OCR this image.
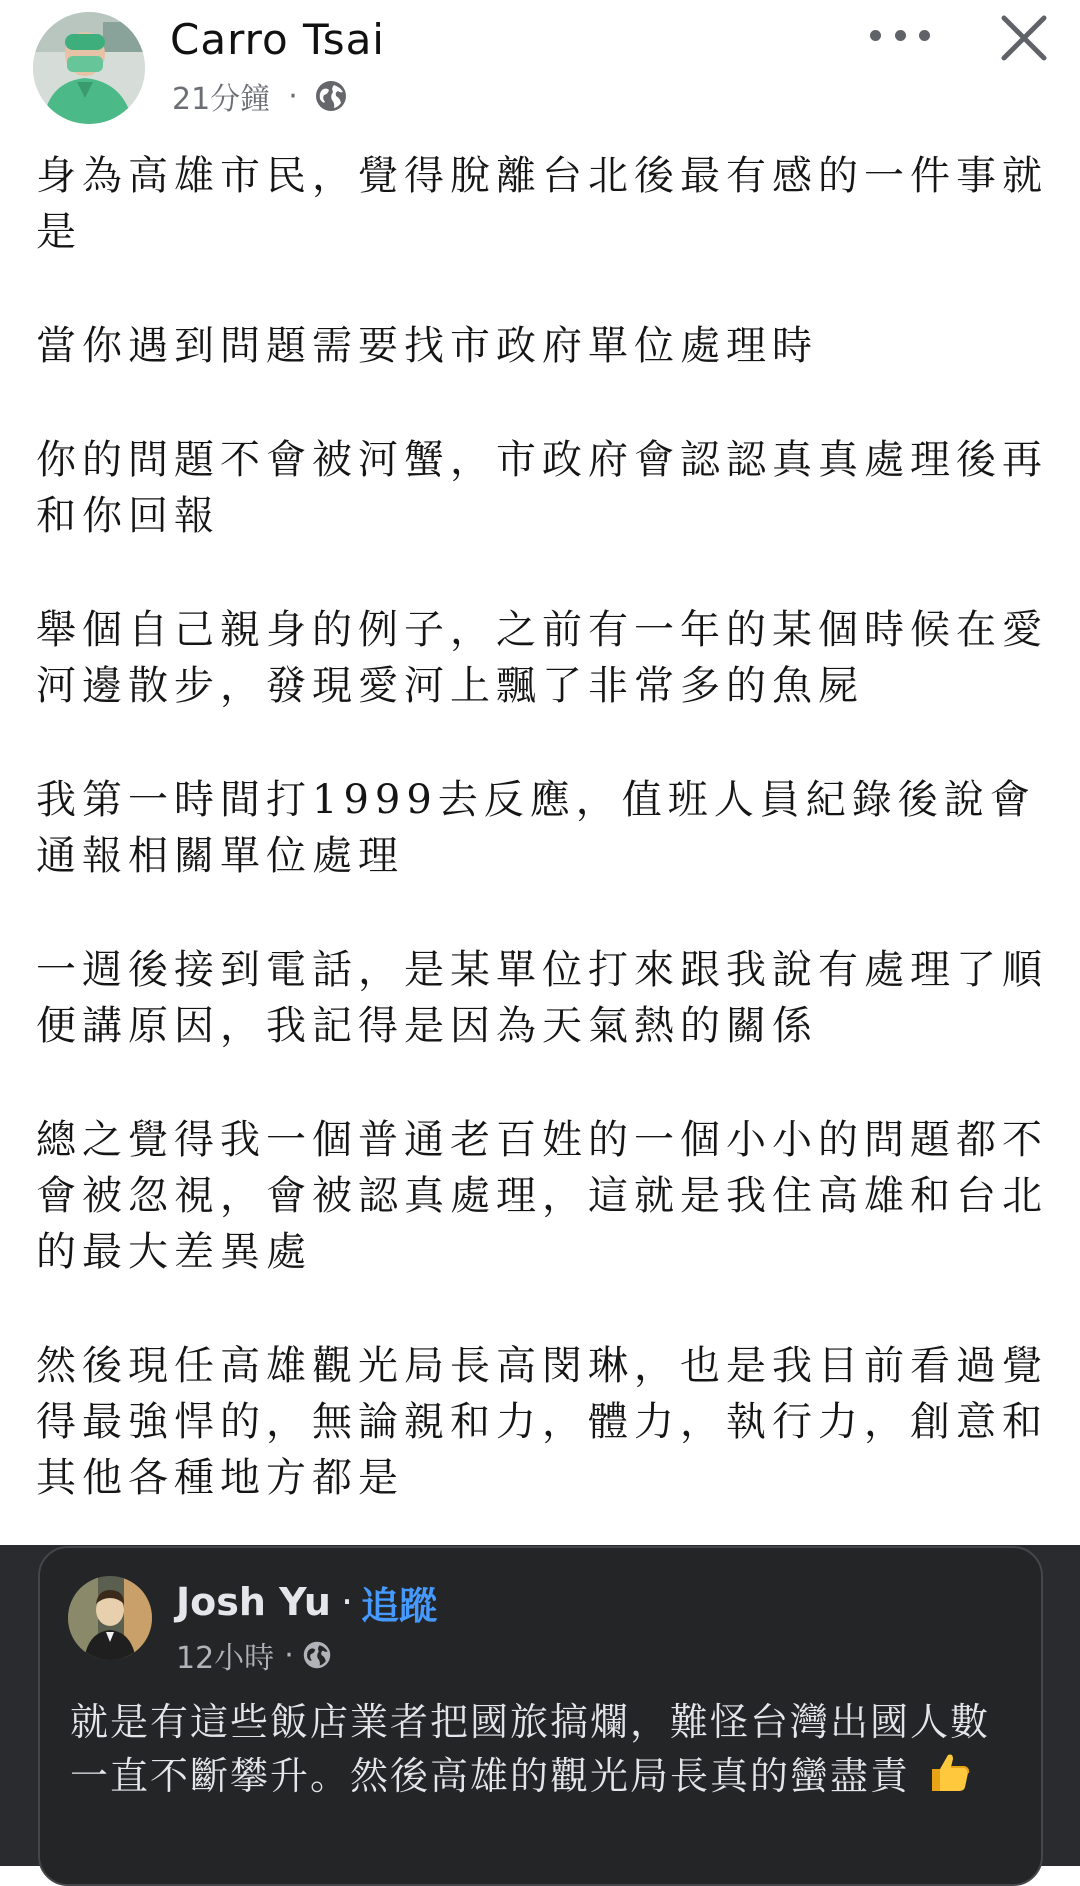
Carro Tsai
21分鐘 ·

身為高雄市民，覺得脫離台北後最有感的一件事就是

當你遇到問題需要找市政府單位處理時

你的問題不會被河蟹，市政府會認認真真處理後再和你回報

舉個自己親身的例子，之前有一年的某個時候在愛河邊散步，發現愛河上飄了非常多的魚屍

我第一時間打1999去反應，值班人員紀錄後說會通報相關單位處理

一週後接到電話，是某單位打來跟我說有處理了順便講原因，我記得是因為天氣熱的關係

總之覺得我一個普通老百姓的一個小小的問題都不會被忽視，會被認真處理，這就是我住高雄和台北的最大差異處

然後現任高雄觀光局長高閔琳，也是我目前看過覺得最強悍的，無論親和力，體力，執行力，創意和其他各種地方都是

Josh Yu · 追蹤
12小時 ·
就是有這些飯店業者把國旅搞爛，難怪台灣出國人數一直不斷攀升。然後高雄的觀光局長真的蠻盡責
